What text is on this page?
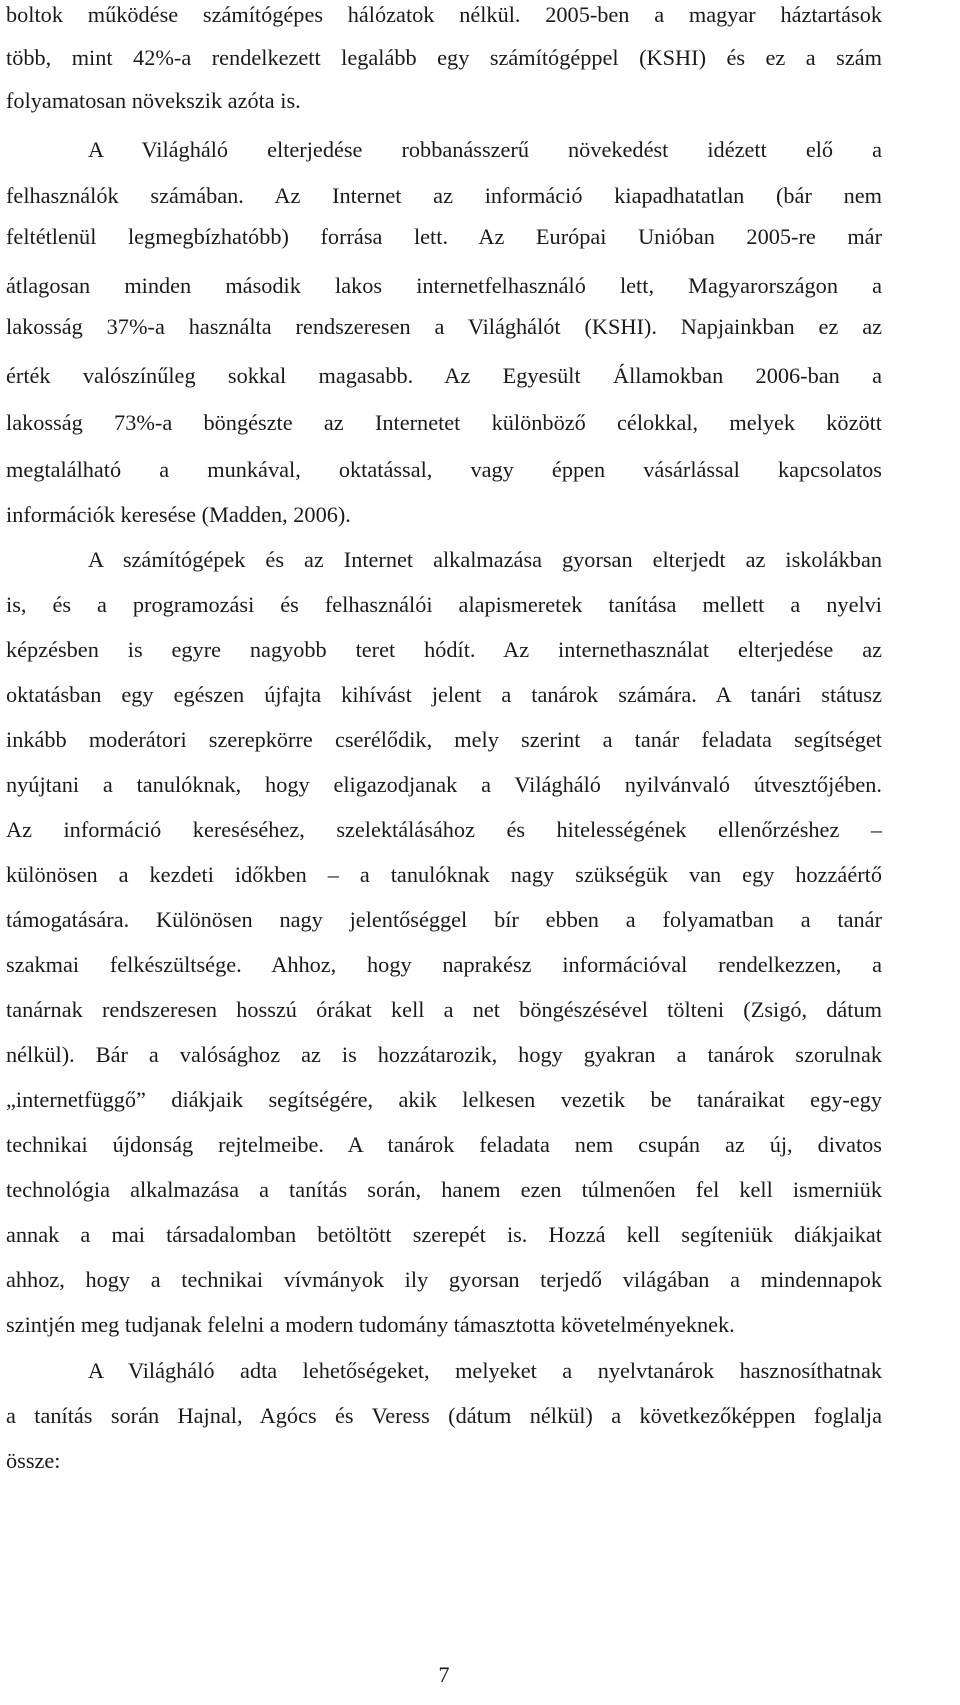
boltok működése számítógépes hálózatok nélkül. 2005-ben a magyar háztartások
több, mint 42%-a rendelkezett legalább egy számítógéppel (KSHI) és ez a szám
folyamatosan növekszik azóta is.
A Világháló elterjedése robbanásszerű növekedést idézett elő a
felhasználók számában. Az Internet az információ kiapadhatatlan (bár nem
feltétlenül legmegbízhatóbb) forrása lett. Az Európai Unióban 2005-re már
átlagosan minden második lakos internetfelhasználó lett, Magyarországon a
lakosság 37%-a használta rendszeresen a Világhálót (KSHI). Napjainkban ez az
érték valószínűleg sokkal magasabb. Az Egyesült Államokban 2006-ban a
lakosság 73%-a böngészte az Internetet különböző célokkal, melyek között
megtalálható a munkával, oktatással, vagy éppen vásárlással kapcsolatos
információk keresése (Madden, 2006).
A számítógépek és az Internet alkalmazása gyorsan elterjedt az iskolákban
is, és a programozási és felhasználói alapismeretek tanítása mellett a nyelvi
képzésben is egyre nagyobb teret hódít. Az internethasználat elterjedése az
oktatásban egy egészen újfajta kihívást jelent a tanárok számára. A tanári státusz
inkább moderátori szerepkörre cserélődik, mely szerint a tanár feladata segítséget
nyújtani a tanulóknak, hogy eligazodjanak a Világháló nyilvánvaló útvesztőjében.
Az információ kereséséhez, szelektálásához és hitelességének ellenőrzéshez –
különösen a kezdeti időkben – a tanulóknak nagy szükségük van egy hozzáértő
támogatására. Különösen nagy jelentőséggel bír ebben a folyamatban a tanár
szakmai felkészültsége. Ahhoz, hogy naprakész információval rendelkezzen, a
tanárnak rendszeresen hosszú órákat kell a net böngészésével tölteni (Zsigó, dátum
nélkül). Bár a valósághoz az is hozzátarozik, hogy gyakran a tanárok szorulnak
„internetfüggő” diákjaik segítségére, akik lelkesen vezetik be tanáraikat egy-egy
technikai újdonság rejtelmeibe. A tanárok feladata nem csupán az új, divatos
technológia alkalmazása a tanítás során, hanem ezen túlmenően fel kell ismerniük
annak a mai társadalomban betöltött szerepét is. Hozzá kell segíteniük diákjaikat
ahhoz, hogy a technikai vívmányok ily gyorsan terjedő világában a mindennapok
szintjén meg tudjanak felelni a modern tudomány támasztotta követelményeknek.
A Világháló adta lehetőségeket, melyeket a nyelvtanárok hasznosíthatnak
a tanítás során Hajnal, Agócs és Veress (dátum nélkül) a következőképpen foglalja
össze:
7
